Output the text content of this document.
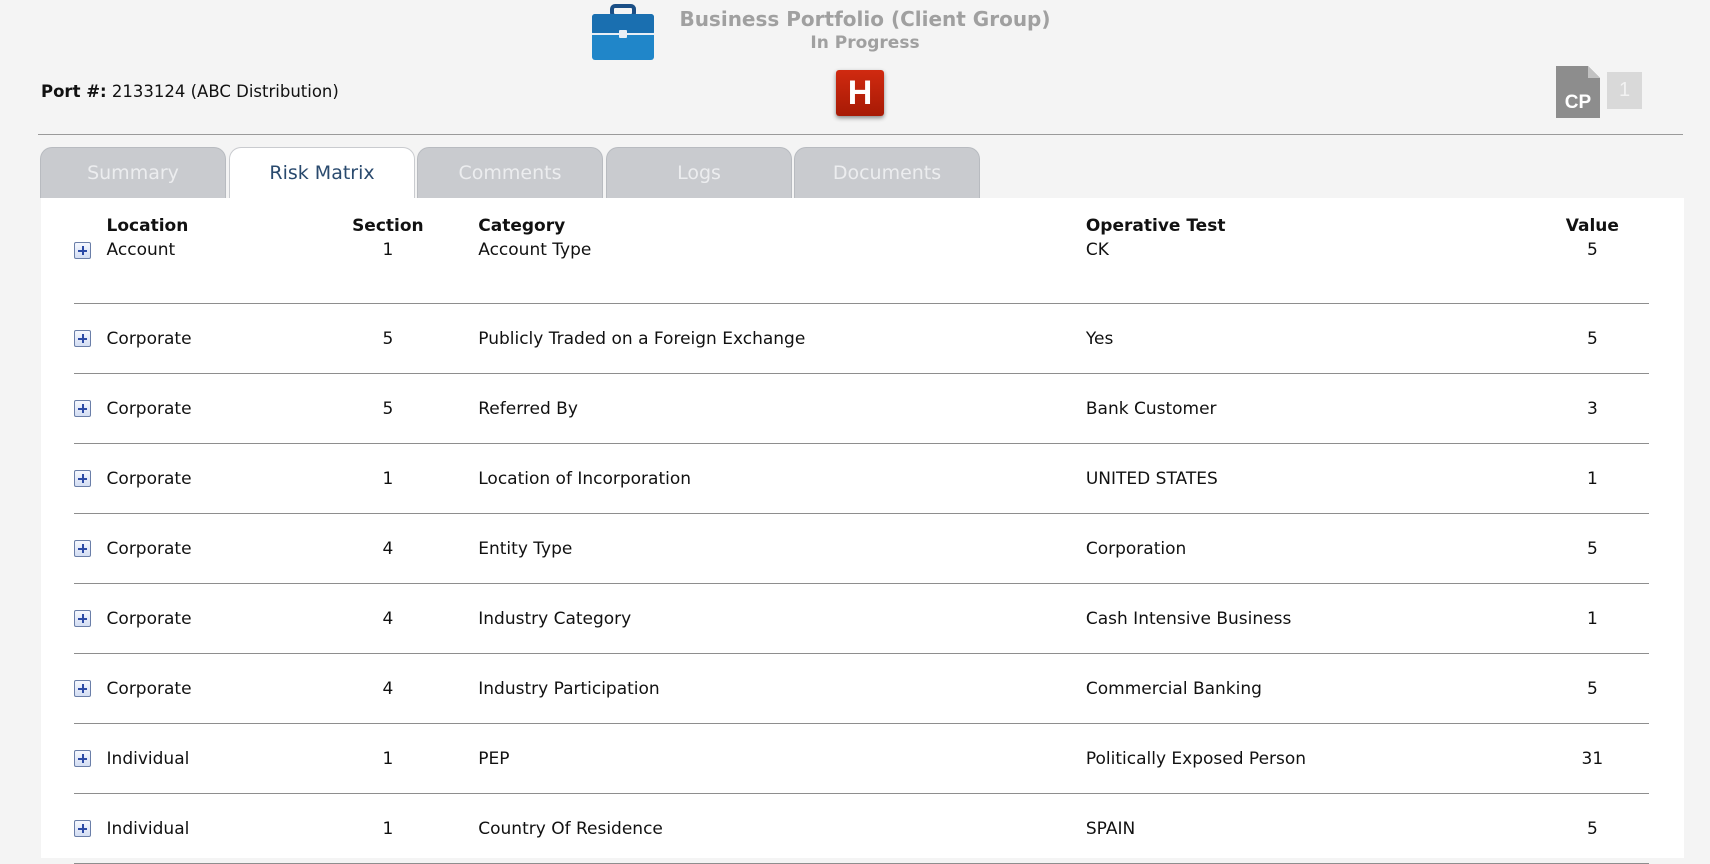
Business Portfolio (Client Group)
In Progress
Port #: 2133124 (ABC Distribution)	H	CP
1
Summary	Risk Matrix	Comments	Logs	Documents
	Location	Section		Category	Operative Test	Value
	Account	1		Account Type	CK	5
	Corporate	5		Publicly Traded on a Foreign Exchange	Yes	5
	Corporate	5		Referred By	Bank Customer	3
	Corporate	1		Location of Incorporation	UNITED STATES	1
	Corporate	4		Entity Type	Corporation	5
	Corporate	4		Industry Category	Cash Intensive Business	1
	Corporate	4		Industry Participation	Commercial Banking	5
	Individual	1		PEP	Politically Exposed Person	31
	Individual	1		Country Of Residence	SPAIN	5
